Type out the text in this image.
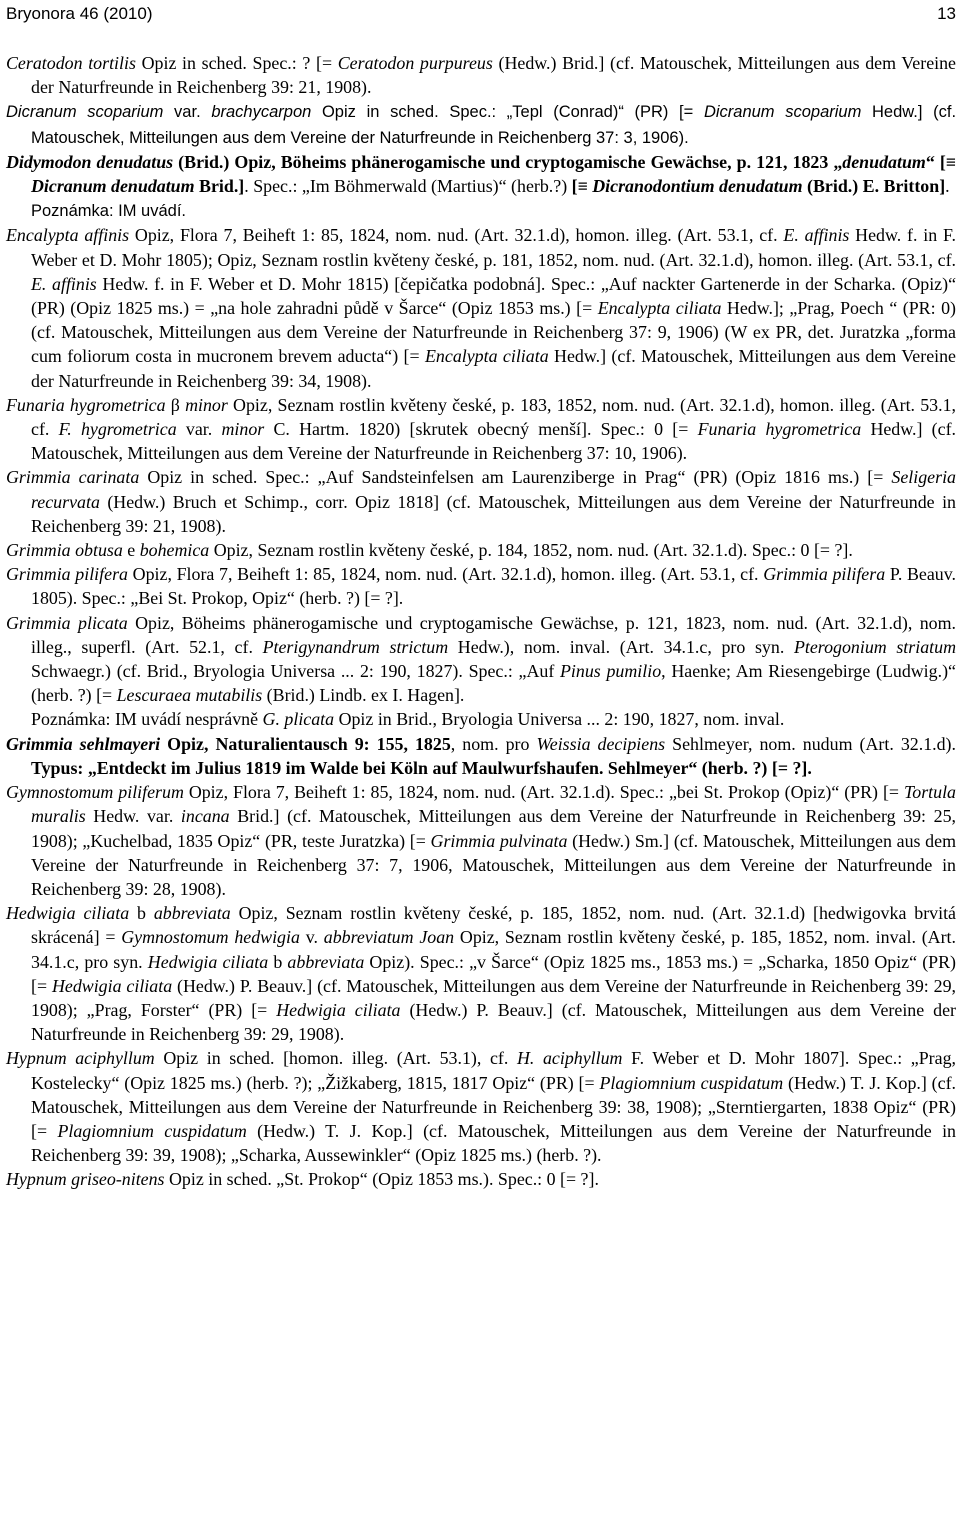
Bryonora 46 (2010)	13
Ceratodon tortilis Opiz in sched. Spec.: ? [= Ceratodon purpureus (Hedw.) Brid.] (cf. Matouschek, Mitteilungen aus dem Vereine der Naturfreunde in Reichenberg 39: 21, 1908).
Dicranum scoparium var. brachycarpon Opiz in sched. Spec.: „Tepl (Conrad)“ (PR) [= Dicranum scoparium Hedw.] (cf. Matouschek, Mitteilungen aus dem Vereine der Naturfreunde in Reichenberg 37: 3, 1906).
Didymodon denudatus (Brid.) Opiz, Böheims phänerogamische und cryptogamische Gewächse, p. 121, 1823 „denudatum“ [≡ Dicranum denudatum Brid.]. Spec.: „Im Böhmerwald (Martius)“ (herb.?) [≡ Dicranodontium denudatum (Brid.) E. Britton].
Poznámka: IM uvádí.
Encalypta affinis Opiz, Flora 7, Beiheft 1: 85, 1824, nom. nud. (Art. 32.1.d), homon. illeg. (Art. 53.1, cf. E. affinis Hedw. f. in F. Weber et D. Mohr 1805); Opiz, Seznam rostlin květeny české, p. 181, 1852, nom. nud. (Art. 32.1.d), homon. illeg. (Art. 53.1, cf. E. affinis Hedw. f. in F. Weber et D. Mohr 1815) [čepičatka podobná]. Spec.: „Auf nackter Gartenerde in der Scharka. (Opiz)“ (PR) (Opiz 1825 ms.) = „na hole zahradni půdě v Šarce“ (Opiz 1853 ms.) [= Encalypta ciliata Hedw.]; „Prag, Poech “ (PR: 0) (cf. Matouschek, Mitteilungen aus dem Vereine der Naturfreunde in Reichenberg 37: 9, 1906) (W ex PR, det. Juratzka „forma cum foliorum costa in mucronem brevem aducta“) [= Encalypta ciliata Hedw.] (cf. Matouschek, Mitteilungen aus dem Vereine der Naturfreunde in Reichenberg 39: 34, 1908).
Funaria hygrometrica β minor Opiz, Seznam rostlin květeny české, p. 183, 1852, nom. nud. (Art. 32.1.d), homon. illeg. (Art. 53.1, cf. F. hygrometrica var. minor C. Hartm. 1820) [skrutek obecný menší]. Spec.: 0 [= Funaria hygrometrica Hedw.] (cf. Matouschek, Mitteilungen aus dem Vereine der Naturfreunde in Reichenberg 37: 10, 1906).
Grimmia carinata Opiz in sched. Spec.: „Auf Sandsteinfelsen am Laurenziberge in Prag“ (PR) (Opiz 1816 ms.) [= Seligeria recurvata (Hedw.) Bruch et Schimp., corr. Opiz 1818] (cf. Matouschek, Mitteilungen aus dem Vereine der Naturfreunde in Reichenberg 39: 21, 1908).
Grimmia obtusa e bohemica Opiz, Seznam rostlin květeny české, p. 184, 1852, nom. nud. (Art. 32.1.d). Spec.: 0 [= ?].
Grimmia pilifera Opiz, Flora 7, Beiheft 1: 85, 1824, nom. nud. (Art. 32.1.d), homon. illeg. (Art. 53.1, cf. Grimmia pilifera P. Beauv. 1805). Spec.: „Bei St. Prokop, Opiz“ (herb. ?) [= ?].
Grimmia plicata Opiz, Böheims phänerogamische und cryptogamische Gewächse, p. 121, 1823, nom. nud. (Art. 32.1.d), nom. illeg., superfl. (Art. 52.1, cf. Pterigynandrum strictum Hedw.), nom. inval. (Art. 34.1.c, pro syn. Pterogonium striatum Schwaegr.) (cf. Brid., Bryologia Universa ... 2: 190, 1827). Spec.: „Auf Pinus pumilio, Haenke; Am Riesengebirge (Ludwig.)“ (herb. ?) [= Lescuraea mutabilis (Brid.) Lindb. ex I. Hagen].
Poznámka: IM uvádí nesprávně G. plicata Opiz in Brid., Bryologia Universa ... 2: 190, 1827, nom. inval.
Grimmia sehlmayeri Opiz, Naturalientausch 9: 155, 1825, nom. pro Weissia decipiens Sehlmeyer, nom. nudum (Art. 32.1.d). Typus: „Entdeckt im Julius 1819 im Walde bei Köln auf Maulwurfshaufen. Sehlmeyer“ (herb. ?) [= ?].
Gymnostomum piliferum Opiz, Flora 7, Beiheft 1: 85, 1824, nom. nud. (Art. 32.1.d). Spec.: „bei St. Prokop (Opiz)“ (PR) [= Tortula muralis Hedw. var. incana Brid.] (cf. Matouschek, Mitteilungen aus dem Vereine der Naturfreunde in Reichenberg 39: 25, 1908); „Kuchelbad, 1835 Opiz“ (PR, teste Juratzka) [= Grimmia pulvinata (Hedw.) Sm.] (cf. Matouschek, Mitteilungen aus dem Vereine der Naturfreunde in Reichenberg 37: 7, 1906, Matouschek, Mitteilungen aus dem Vereine der Naturfreunde in Reichenberg 39: 28, 1908).
Hedwigia ciliata b abbreviata Opiz, Seznam rostlin květeny české, p. 185, 1852, nom. nud. (Art. 32.1.d) [hedwigovka brvitá skrácená] = Gymnostomum hedwigia v. abbreviatum Joan Opiz, Seznam rostlin květeny české, p. 185, 1852, nom. inval. (Art. 34.1.c, pro syn. Hedwigia ciliata b abbreviata Opiz). Spec.: „v Šarce“ (Opiz 1825 ms., 1853 ms.) = „Scharka, 1850 Opiz“ (PR) [= Hedwigia ciliata (Hedw.) P. Beauv.] (cf. Matouschek, Mitteilungen aus dem Vereine der Naturfreunde in Reichenberg 39: 29, 1908); „Prag, Forster“ (PR) [= Hedwigia ciliata (Hedw.) P. Beauv.] (cf. Matouschek, Mitteilungen aus dem Vereine der Naturfreunde in Reichenberg 39: 29, 1908).
Hypnum aciphyllum Opiz in sched. [homon. illeg. (Art. 53.1), cf. H. aciphyllum F. Weber et D. Mohr 1807]. Spec.: „Prag, Kostelecky“ (Opiz 1825 ms.) (herb. ?); „Žižkaberg, 1815, 1817 Opiz“ (PR) [= Plagiomnium cuspidatum (Hedw.) T. J. Kop.] (cf. Matouschek, Mitteilungen aus dem Vereine der Naturfreunde in Reichenberg 39: 38, 1908); „Sterntiergarten, 1838 Opiz“ (PR) [= Plagiomnium cuspidatum (Hedw.) T. J. Kop.] (cf. Matouschek, Mitteilungen aus dem Vereine der Naturfreunde in Reichenberg 39: 39, 1908); „Scharka, Aussewinkler“ (Opiz 1825 ms.) (herb. ?).
Hypnum griseo-nitens Opiz in sched. „St. Prokop“ (Opiz 1853 ms.). Spec.: 0 [= ?].
